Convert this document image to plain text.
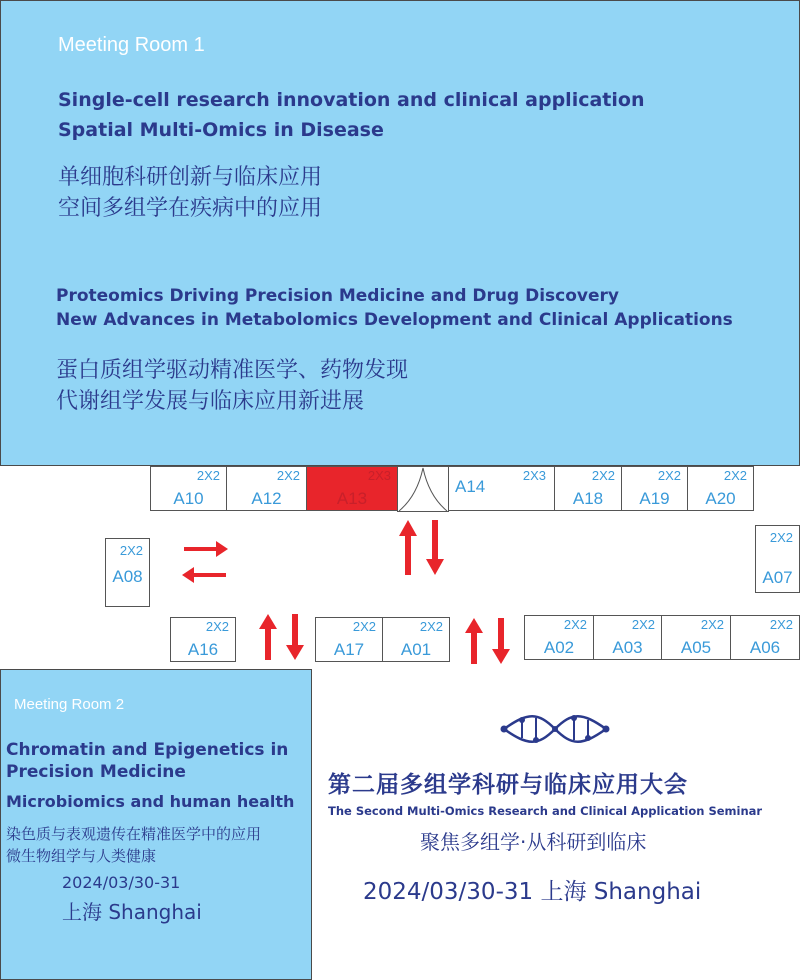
Meeting Room 1
Single-cell research innovation and clinical application
Spatial Multi-Omics in Disease
单细胞科研创新与临床应用
空间多组学在疾病中的应用
Proteomics Driving Precision Medicine and Drug Discovery
New Advances in Metabolomics Development and Clinical Applications
蛋白质组学驱动精准医学、药物发现
代谢组学发展与临床应用新进展
2X2
A10
2X2
A12
2X3
A13
2X3
A14
2X2
A18
2X2
A19
2X2
A20
2X2
A08
2X2
A07
2X2
A16
2X2
A17
2X2
A01
2X2
A02
2X2
A03
2X2
A05
2X2
A06
Meeting Room 2
Chromatin and Epigenetics in
Precision Medicine
Microbiomics and human health
染色质与表观遗传在精准医学中的应用
微生物组学与人类健康
2024/03/30-31
上海 Shanghai
第二届多组学科研与临床应用大会
The Second Multi-Omics Research and Clinical Application Seminar
聚焦多组学·从科研到临床
2024/03/30-31 上海 Shanghai
